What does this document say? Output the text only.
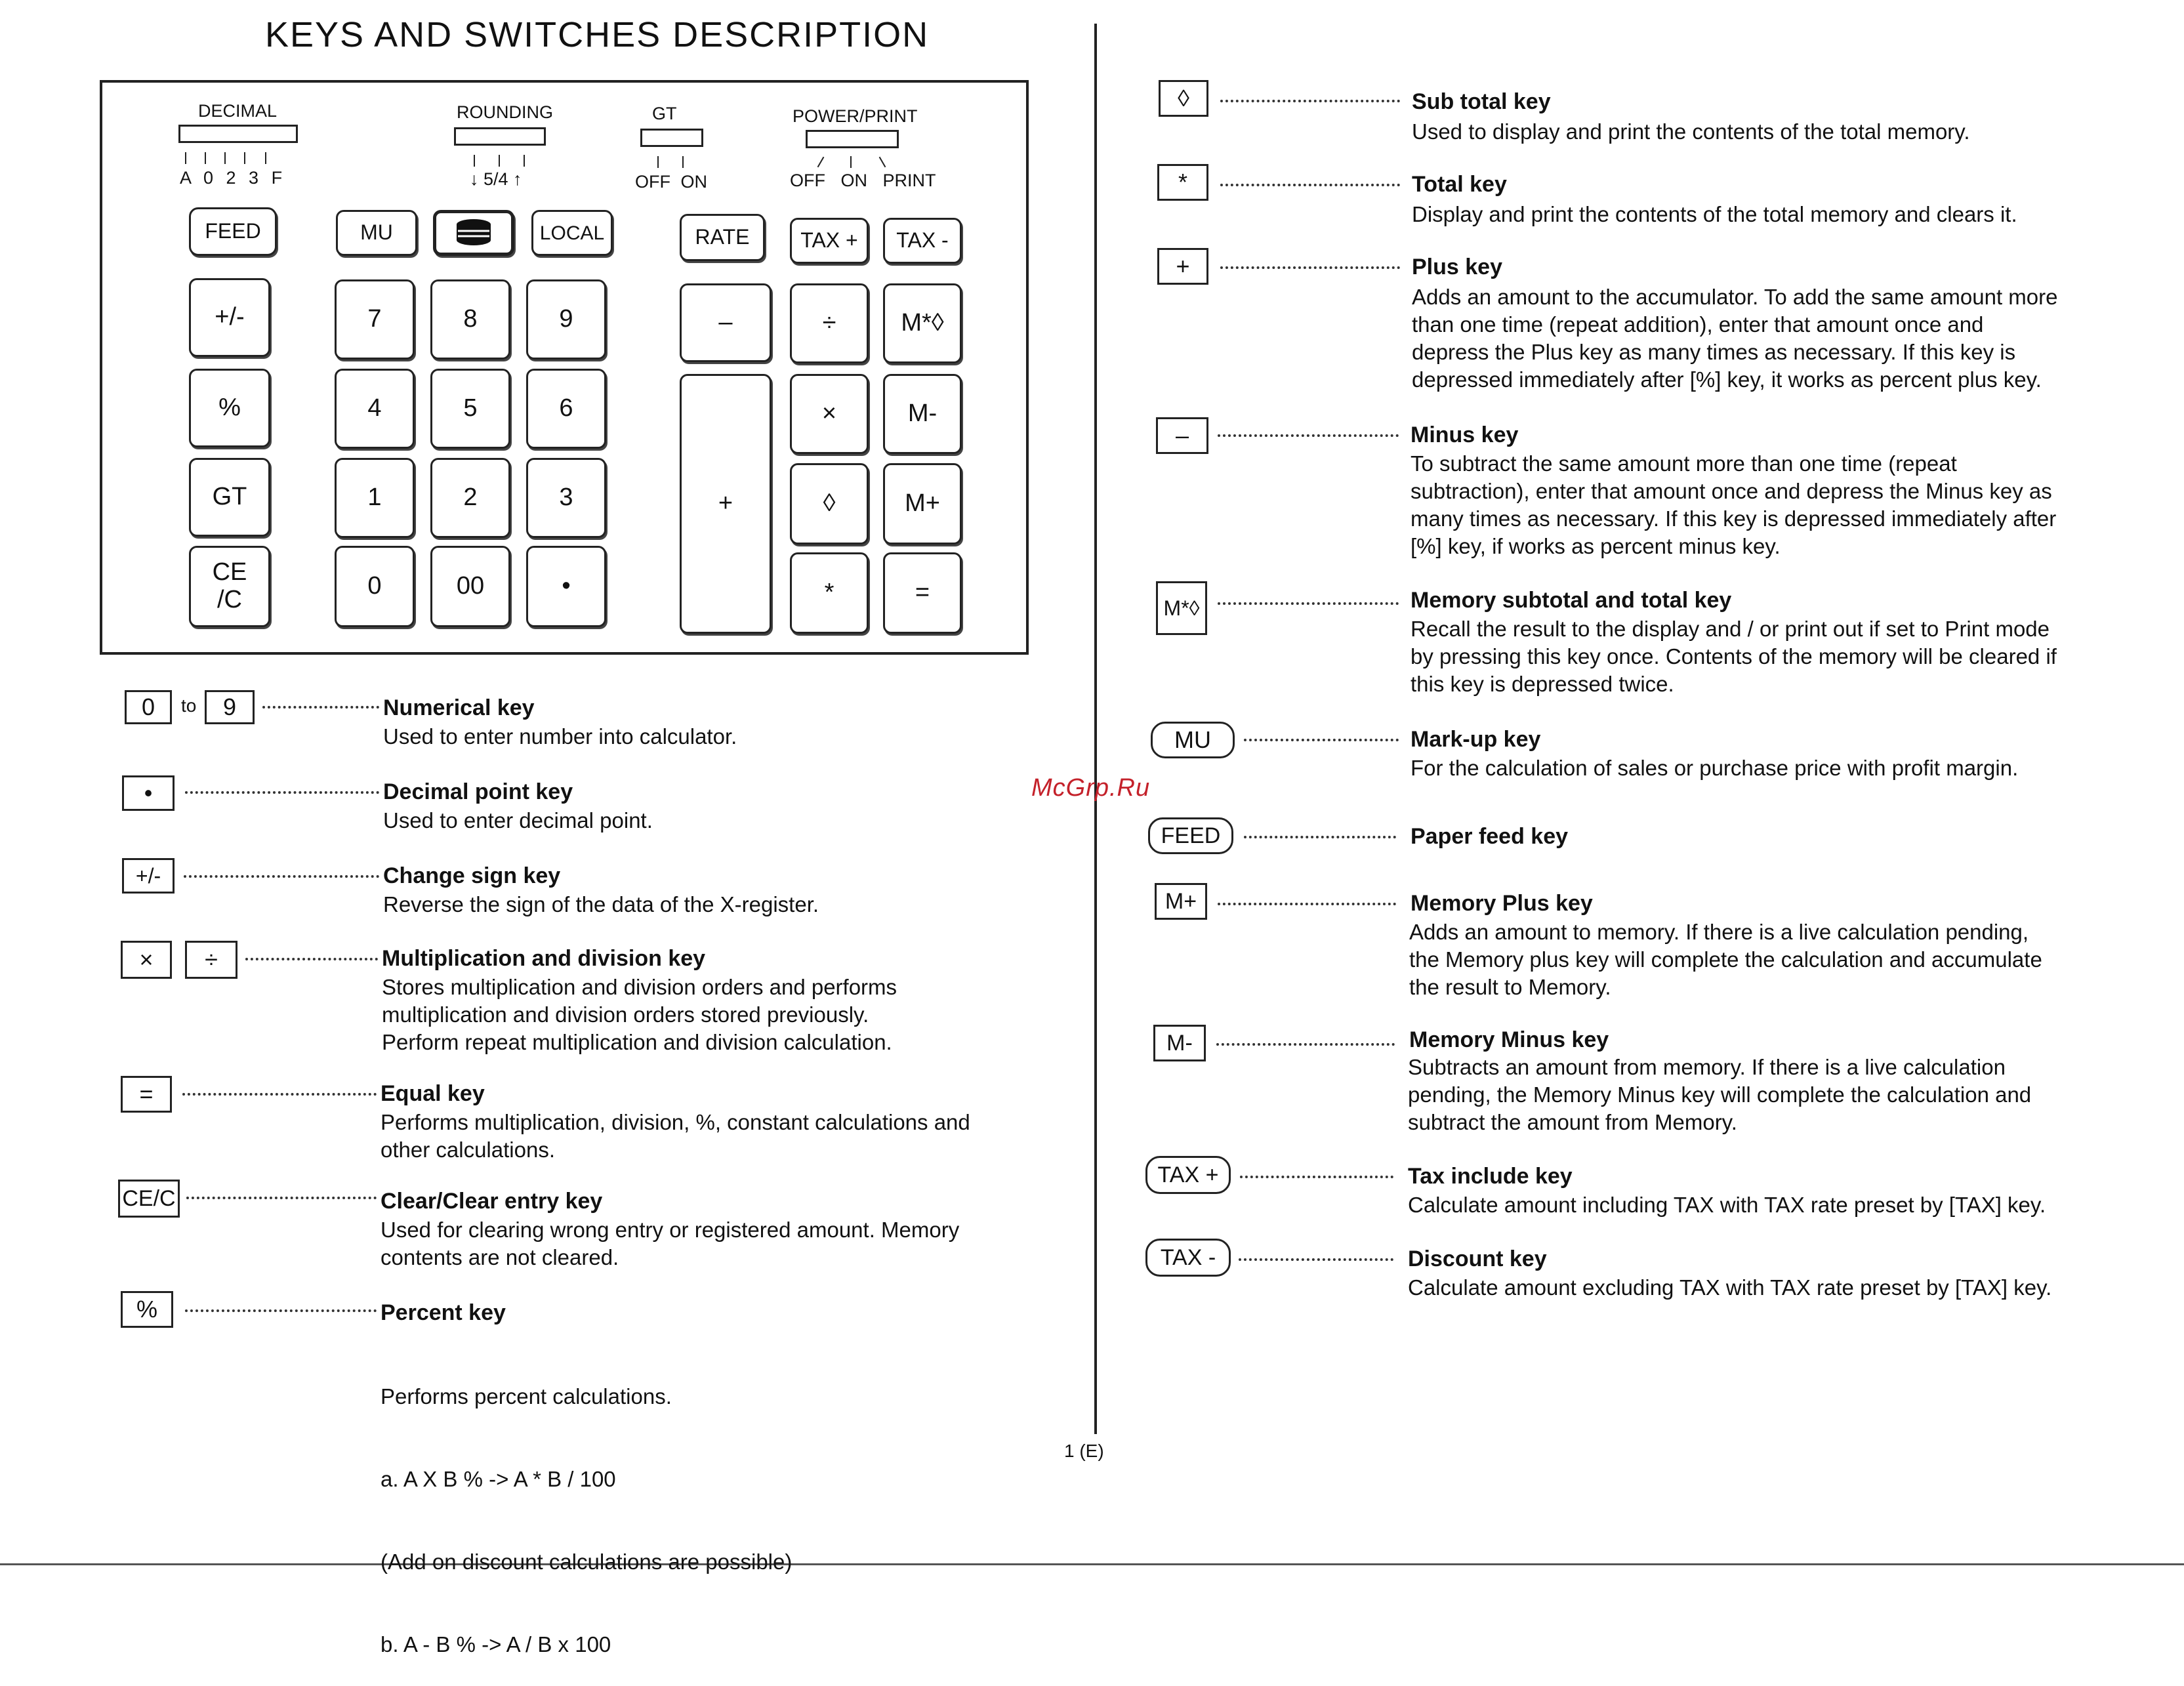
KEYS AND SWITCHES DESCRIPTION
1 (E)
McGrp.Ru
DECIMAL
A 0 2 3 F
ROUNDING
↓ 5/4 ↑
GT
OFF ON
POWER/PRINT
OFF ON PRINT
FEED	MU	LOCAL	RATE	TAX +	TAX -
+/-
%
GT
CE
/C
7	8	9
4	5	6
1	2	3
0	00	•
–
+
÷
×
◊
*
M*◊
M-
M+
=
0	to	9	Numerical key
Used to enter number into calculator.
•	Decimal point key
Used to enter decimal point.
+/-	Change sign key
Reverse the sign of the data of the X-register.
×	÷	Multiplication and division key
Stores multiplication and division orders and performs
multiplication and division orders stored previously.
Perform repeat multiplication and division calculation.
=	Equal key
Performs multiplication, division, %, constant calculations and
other calculations.
CE/C	Clear/Clear entry key
Used for clearing wrong entry or registered amount. Memory
contents are not cleared.
%	Percent key

Performs percent calculations.

a. A X B % -> A * B / 100

(Add on discount calculations are possible)

b. A - B % -> A / B x 100

◊	Sub total key
Used to display and print the contents of the total memory.
*	Total key
Display and print the contents of the total memory and clears it.
+	Plus key
Adds an amount to the accumulator. To add the same amount more
than one time (repeat addition), enter that amount once and
depress the Plus key as many times as necessary. If this key is
depressed immediately after [%] key, it works as percent plus key.
–	Minus key
To subtract the same amount more than one time (repeat
subtraction), enter that amount once and depress the Minus key as
many times as necessary. If this key is depressed immediately after
[%] key, if works as percent minus key.
M*◊	Memory subtotal and total key
Recall the result to the display and / or print out if set to Print mode
by pressing this key once. Contents of the memory will be cleared if
this key is depressed twice.
MU	Mark-up key
For the calculation of sales or purchase price with profit margin.
FEED	Paper feed key
M+	Memory Plus key
Adds an amount to memory. If there is a live calculation pending,
the Memory plus key will complete the calculation and accumulate
the result to Memory.
M-	Memory Minus key
Subtracts an amount from memory. If there is a live calculation
pending, the Memory Minus key will complete the calculation and
subtract the amount from Memory.
TAX +	Tax include key
Calculate amount including TAX with TAX rate preset by [TAX] key.
TAX -	Discount key
Calculate amount excluding TAX with TAX rate preset by [TAX] key.
